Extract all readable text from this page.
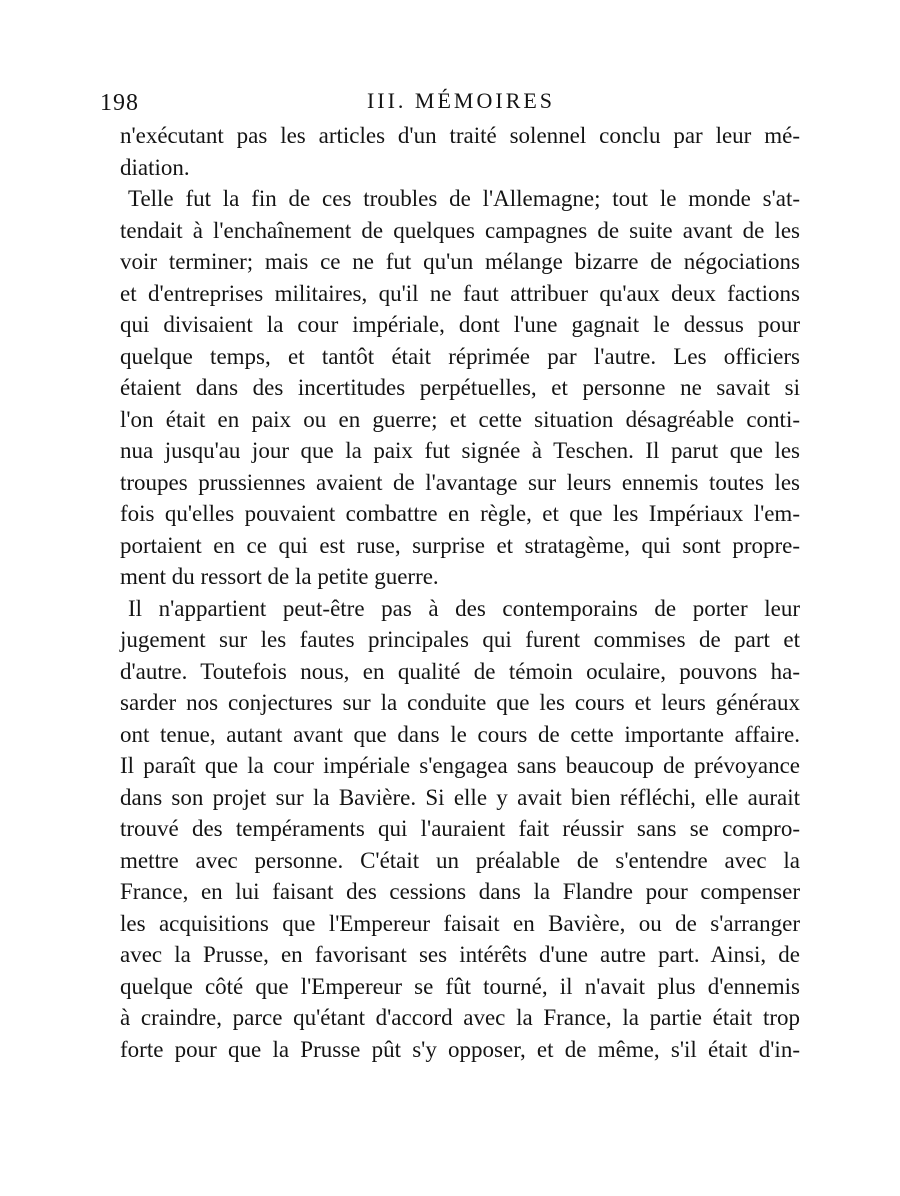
198	III. MÉMOIRES
n'exécutant pas les articles d'un traité solennel conclu par leur mé-
diation.
Telle fut la fin de ces troubles de l'Allemagne; tout le monde s'at-
tendait à l'enchaînement de quelques campagnes de suite avant de les
voir terminer; mais ce ne fut qu'un mélange bizarre de négociations
et d'entreprises militaires, qu'il ne faut attribuer qu'aux deux factions
qui divisaient la cour impériale, dont l'une gagnait le dessus pour
quelque temps, et tantôt était réprimée par l'autre. Les officiers
étaient dans des incertitudes perpétuelles, et personne ne savait si
l'on était en paix ou en guerre; et cette situation désagréable conti-
nua jusqu'au jour que la paix fut signée à Teschen. Il parut que les
troupes prussiennes avaient de l'avantage sur leurs ennemis toutes les
fois qu'elles pouvaient combattre en règle, et que les Impériaux l'em-
portaient en ce qui est ruse, surprise et stratagème, qui sont propre-
ment du ressort de la petite guerre.
Il n'appartient peut-être pas à des contemporains de porter leur
jugement sur les fautes principales qui furent commises de part et
d'autre. Toutefois nous, en qualité de témoin oculaire, pouvons ha-
sarder nos conjectures sur la conduite que les cours et leurs généraux
ont tenue, autant avant que dans le cours de cette importante affaire.
Il paraît que la cour impériale s'engagea sans beaucoup de prévoyance
dans son projet sur la Bavière. Si elle y avait bien réfléchi, elle aurait
trouvé des tempéraments qui l'auraient fait réussir sans se compro-
mettre avec personne. C'était un préalable de s'entendre avec la
France, en lui faisant des cessions dans la Flandre pour compenser
les acquisitions que l'Empereur faisait en Bavière, ou de s'arranger
avec la Prusse, en favorisant ses intérêts d'une autre part. Ainsi, de
quelque côté que l'Empereur se fût tourné, il n'avait plus d'ennemis
à craindre, parce qu'étant d'accord avec la France, la partie était trop
forte pour que la Prusse pût s'y opposer, et de même, s'il était d'in-
